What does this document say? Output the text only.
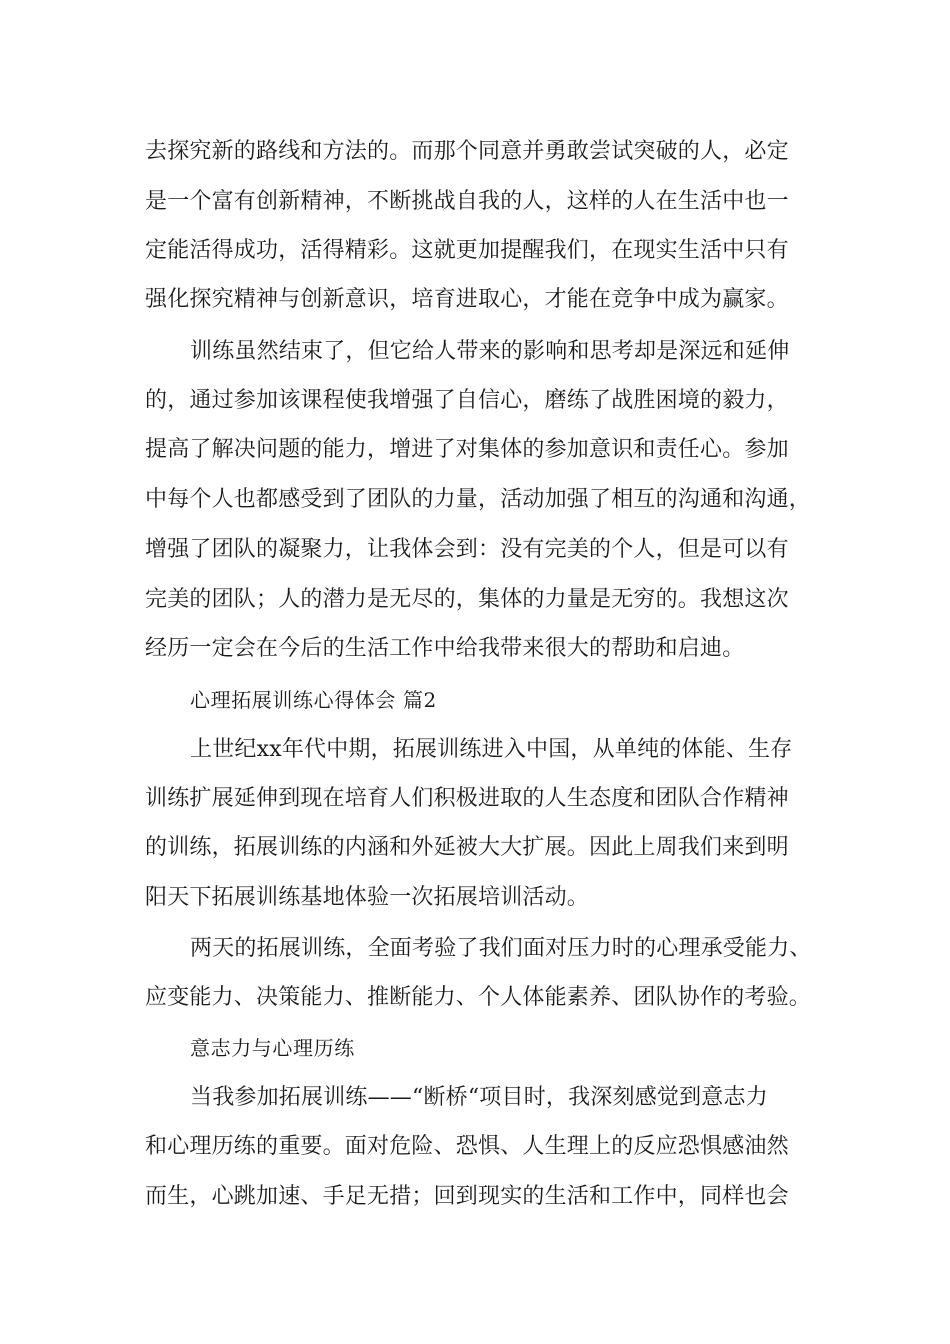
去探究新的路线和方法的。而那个同意并勇敢尝试突破的人，必定
是一个富有创新精神，不断挑战自我的人，这样的人在生活中也一
定能活得成功，活得精彩。这就更加提醒我们，在现实生活中只有
强化探究精神与创新意识，培育进取心，才能在竞争中成为赢家。
训练虽然结束了，但它给人带来的影响和思考却是深远和延伸
的，通过参加该课程使我增强了自信心，磨练了战胜困境的毅力，
提高了解决问题的能力，增进了对集体的参加意识和责任心。参加
中每个人也都感受到了团队的力量，活动加强了相互的沟通和沟通，
增强了团队的凝聚力，让我体会到：没有完美的个人，但是可以有
完美的团队；人的潜力是无尽的，集体的力量是无穷的。我想这次
经历一定会在今后的生活工作中给我带来很大的帮助和启迪。
心理拓展训练心得体会 篇2
上世纪xx年代中期，拓展训练进入中国，从单纯的体能、生存
训练扩展延伸到现在培育人们积极进取的人生态度和团队合作精神
的训练，拓展训练的内涵和外延被大大扩展。因此上周我们来到明
阳天下拓展训练基地体验一次拓展培训活动。
两天的拓展训练，全面考验了我们面对压力时的心理承受能力、
应变能力、决策能力、推断能力、个人体能素养、团队协作的考验。
意志力与心理历练
当我参加拓展训练——“断桥“项目时，我深刻感觉到意志力
和心理历练的重要。面对危险、恐惧、人生理上的反应恐惧感油然
而生，心跳加速、手足无措；回到现实的生活和工作中，同样也会
